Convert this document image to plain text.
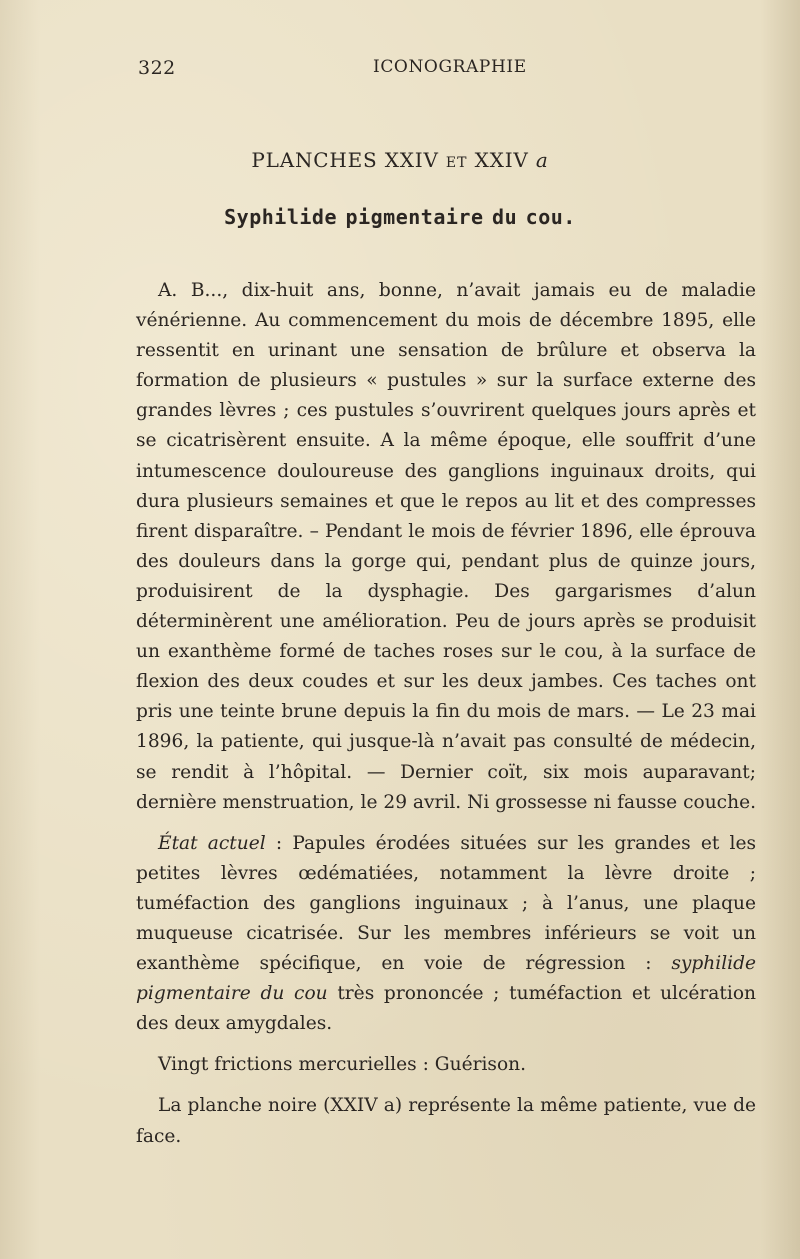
322	ICONOGRAPHIE
PLANCHES XXIV ET XXIV a
Syphilide pigmentaire du cou.

A. B..., dix-huit ans, bonne, n’avait jamais eu de maladie vénérienne. Au commencement du mois de décembre 1895, elle ressentit en urinant une sensation de brûlure et observa la formation de plusieurs « pustules » sur la surface externe des grandes lèvres ; ces pustules s’ouvrirent quelques jours après et se cicatrisèrent ensuite. A la même époque, elle souffrit d’une intumescence douloureuse des ganglions inguinaux droits, qui dura plusieurs semaines et que le repos au lit et des compresses firent disparaître. – Pendant le mois de février 1896, elle éprouva des douleurs dans la gorge qui, pendant plus de quinze jours, produisirent de la dysphagie. Des gargarismes d’alun déterminèrent une amélioration. Peu de jours après se produisit un exanthème formé de taches roses sur le cou, à la surface de flexion des deux coudes et sur les deux jambes. Ces taches ont pris une teinte brune depuis la fin du mois de mars. — Le 23 mai 1896, la patiente, qui jusque-là n’avait pas consulté de médecin, se rendit à l’hôpital. — Dernier coït, six mois auparavant; dernière menstruation, le 29 avril. Ni grossesse ni fausse couche.

État actuel : Papules érodées situées sur les grandes et les petites lèvres œdématiées, notamment la lèvre droite ; tuméfaction des ganglions inguinaux ; à l’anus, une plaque muqueuse cicatrisée. Sur les membres inférieurs se voit un exanthème spécifique, en voie de régression : syphilide pigmentaire du cou très prononcée ; tuméfaction et ulcération des deux amygdales.

Vingt frictions mercurielles : Guérison.

La planche noire (XXIV a) représente la même patiente, vue de face.
